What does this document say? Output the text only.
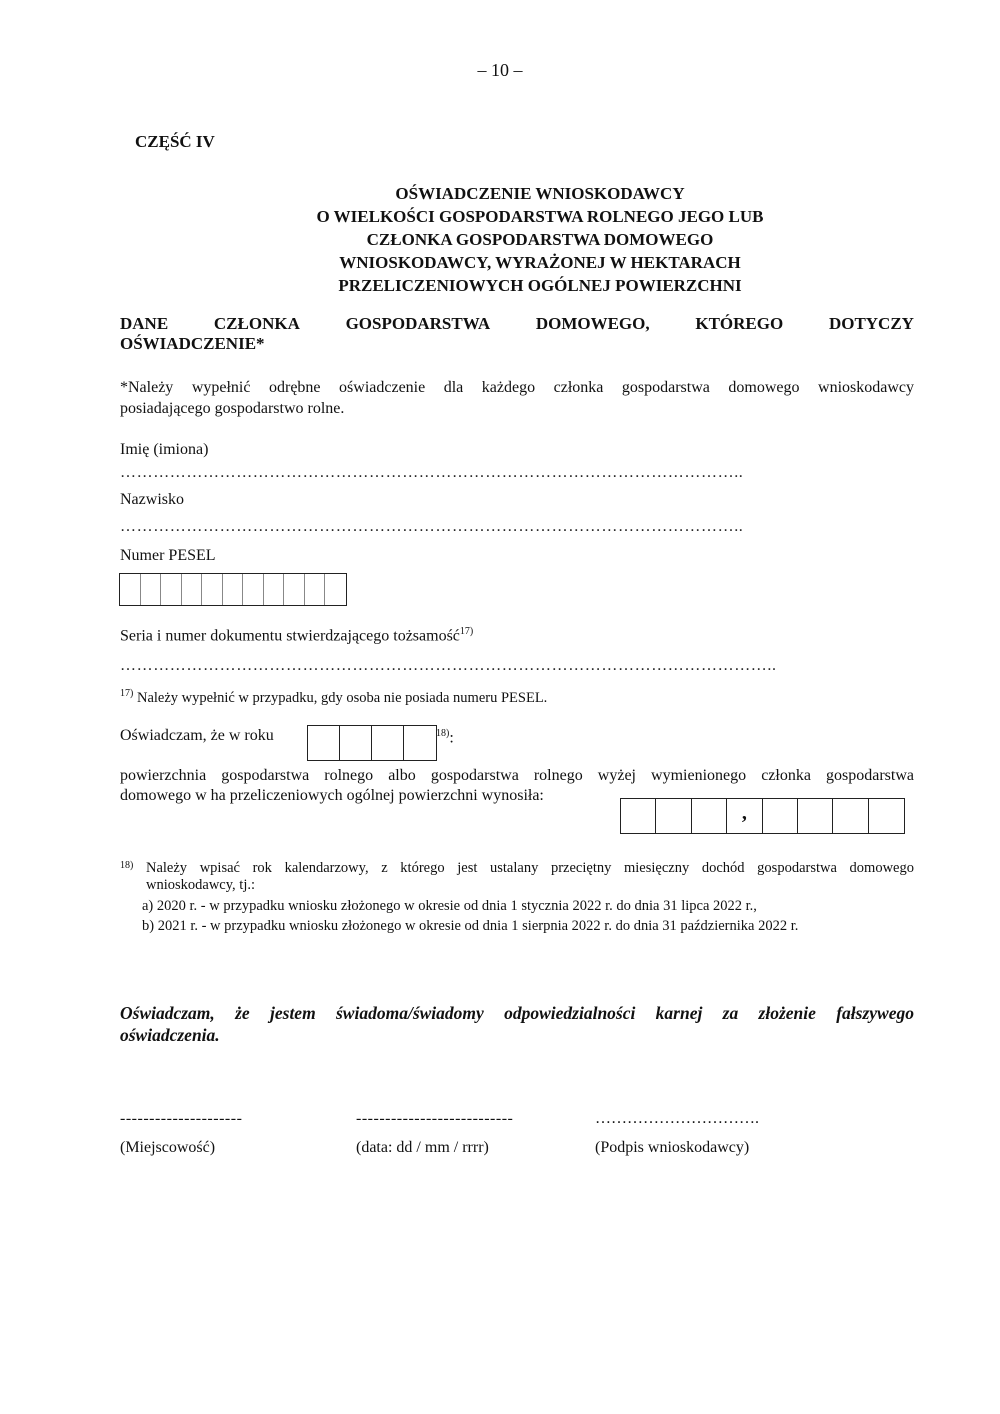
– 10 –
CZĘŚĆ IV
OŚWIADCZENIE WNIOSKODAWCY
O WIELKOŚCI GOSPODARSTWA ROLNEGO JEGO LUB
CZŁONKA GOSPODARSTWA DOMOWEGO
WNIOSKODAWCY, WYRAŻONEJ W HEKTARACH
PRZELICZENIOWYCH OGÓLNEJ POWIERZCHNI
DANE	CZŁONKA	GOSPODARSTWA	DOMOWEGO,	KTÓREGO	DOTYCZY
OŚWIADCZENIE*
*Należy wypełnić odrębne oświadczenie dla każdego członka gospodarstwa domowego wnioskodawcy
posiadającego gospodarstwo rolne.
Imię (imiona)
…………………………………………………………………………………………………..
Nazwisko
…………………………………………………………………………………………………..
Numer PESEL
Seria i numer dokumentu stwierdzającego tożsamość$^{17)}$
………………………………………………………………………………………………………..
$^{17)}$ Należy wypełnić w przypadku, gdy osoba nie posiada numeru PESEL.
Oświadczam, że w roku	$^{18)}$:
powierzchnia gospodarstwa rolnego albo gospodarstwa rolnego wyżej wymienionego członka gospodarstwa
domowego w ha przeliczeniowych ogólnej powierzchni wynosiła:
,
18) Należy wpisać rok kalendarzowy, z którego jest ustalany przeciętny miesięczny dochód gospodarstwa domowego
wnioskodawcy, tj.:
a) 2020 r. - w przypadku wniosku złożonego w okresie od dnia 1 stycznia 2022 r. do dnia 31 lipca 2022 r.,
b) 2021 r. - w przypadku wniosku złożonego w okresie od dnia 1 sierpnia 2022 r. do dnia 31 października 2022 r.
Oświadczam, że jestem świadoma/świadomy odpowiedzialności karnej za złożenie fałszywego
oświadczenia.
---------------------
(Miejscowość)
---------------------------
(data: dd / mm / rrrr)
………………………….
(Podpis wnioskodawcy)
